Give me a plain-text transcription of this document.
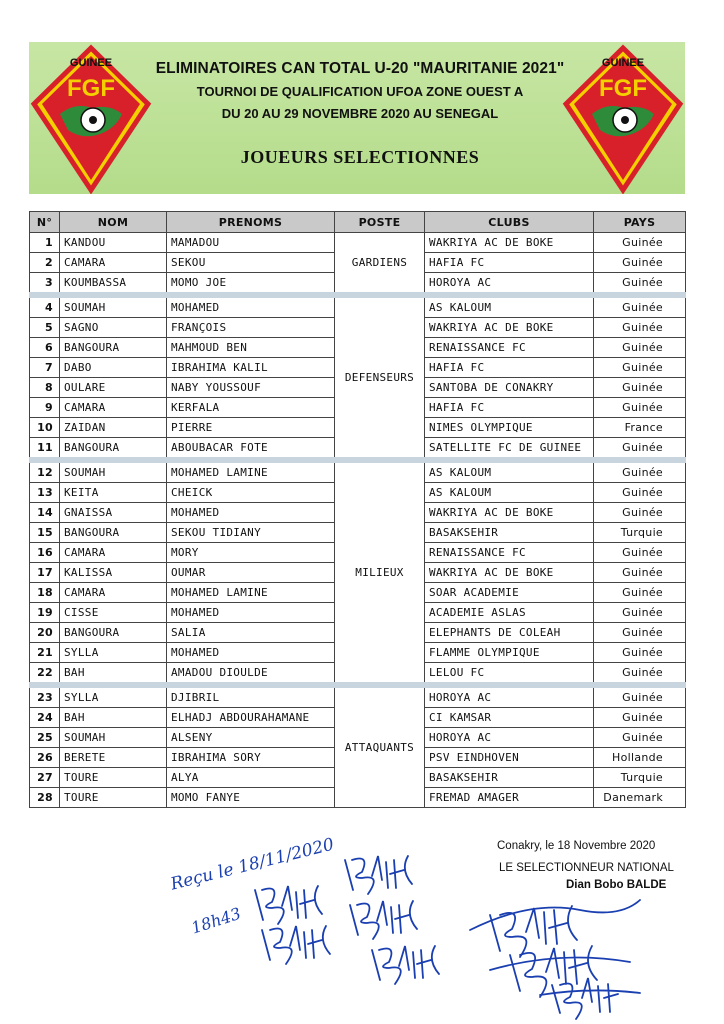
GUINEE
FGF
GUINEE
FGF
ELIMINATOIRES CAN TOTAL U-20 "MAURITANIE 2021"
TOURNOI DE QUALIFICATION UFOA ZONE OUEST A
DU 20 AU 29 NOVEMBRE 2020 AU SENEGAL
JOUEURS SELECTIONNES
N°	NOM	PRENOMS	POSTE	CLUBS	PAYS
1	KANDOU	MAMADOU	GARDIENS	WAKRIYA AC DE BOKE	Guinée
2	CAMARA	SEKOU		HAFIA FC	Guinée
3	KOUMBASSA	MOMO JOE		HOROYA AC	Guinée
4	SOUMAH	MOHAMED	DEFENSEURS	AS KALOUM	Guinée
5	SAGNO	FRANÇOIS		WAKRIYA AC DE BOKE	Guinée
6	BANGOURA	MAHMOUD BEN		RENAISSANCE FC	Guinée
7	DABO	IBRAHIMA KALIL		HAFIA FC	Guinée
8	OULARE	NABY YOUSSOUF		SANTOBA DE CONAKRY	Guinée
9	CAMARA	KERFALA		HAFIA FC	Guinée
10	ZAIDAN	PIERRE		NIMES OLYMPIQUE	France
11	BANGOURA	ABOUBACAR FOTE		SATELLITE FC DE GUINEE	Guinée
12	SOUMAH	MOHAMED LAMINE	MILIEUX	AS KALOUM	Guinée
13	KEITA	CHEICK		AS KALOUM	Guinée
14	GNAISSA	MOHAMED		WAKRIYA AC DE BOKE	Guinée
15	BANGOURA	SEKOU TIDIANY		BASAKSEHIR	Turquie
16	CAMARA	MORY		RENAISSANCE FC	Guinée
17	KALISSA	OUMAR		WAKRIYA AC DE BOKE	Guinée
18	CAMARA	MOHAMED LAMINE		SOAR ACADEMIE	Guinée
19	CISSE	MOHAMED		ACADEMIE ASLAS	Guinée
20	BANGOURA	SALIA		ELEPHANTS DE COLEAH	Guinée
21	SYLLA	MOHAMED		FLAMME OLYMPIQUE	Guinée
22	BAH	AMADOU DIOULDE		LELOU FC	Guinée
23	SYLLA	DJIBRIL	ATTAQUANTS	HOROYA AC	Guinée
24	BAH	ELHADJ ABDOURAHAMANE		CI KAMSAR	Guinée
25	SOUMAH	ALSENY		HOROYA AC	Guinée
26	BERETE	IBRAHIMA SORY		PSV EINDHOVEN	Hollande
27	TOURE	ALYA		BASAKSEHIR	Turquie
28	TOURE	MOMO FANYE		FREMAD AMAGER	Danemark
Conakry, le 18 Novembre 2020
LE SELECTIONNEUR NATIONAL
Dian Bobo BALDE
Reçu le 18/11/2020
18h43
